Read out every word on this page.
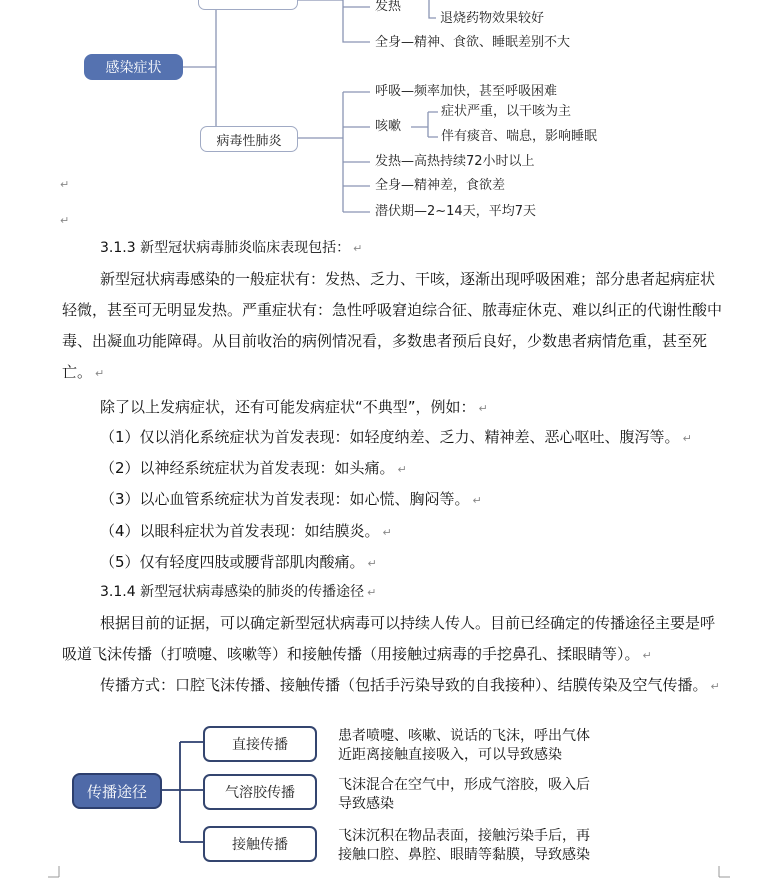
感染症状
发热
退烧药物效果较好
全身—精神、食欲、睡眠差别不大
病毒性肺炎
呼吸—频率加快，甚至呼吸困难
咳嗽
症状严重，以干咳为主
伴有痰音、喘息，影响睡眠
发热—高热持续72小时以上
全身—精神差，食欲差
潜伏期—2~14天，平均7天
↵
↵
3.1.3 新型冠状病毒肺炎临床表现包括： ↵
新型冠状病毒感染的一般症状有：发热、乏力、干咳，逐渐出现呼吸困难；部分患者起病症状轻微，甚至可无明显发热。严重症状有：急性呼吸窘迫综合征、脓毒症休克、难以纠正的代谢性酸中毒、出凝血功能障碍。从目前收治的病例情况看，多数患者预后良好，少数患者病情危重，甚至死亡。 ↵
除了以上发病症状，还有可能发病症状“不典型”，例如： ↵
（1）仅以消化系统症状为首发表现：如轻度纳差、乏力、精神差、恶心呕吐、腹泻等。 ↵
（2）以神经系统症状为首发表现：如头痛。 ↵
（3）以心血管系统症状为首发表现：如心慌、胸闷等。 ↵
（4）以眼科症状为首发表现：如结膜炎。 ↵
（5）仅有轻度四肢或腰背部肌肉酸痛。 ↵
3.1.4 新型冠状病毒感染的肺炎的传播途径 ↵
根据目前的证据，可以确定新型冠状病毒可以持续人传人。目前已经确定的传播途径主要是呼吸道飞沫传播（打喷嚏、咳嗽等）和接触传播（用接触过病毒的手挖鼻孔、揉眼睛等）。 ↵
传播方式：口腔飞沫传播、接触传播（包括手污染导致的自我接种）、结膜传染及空气传播。 ↵
传播途径
直接传播
患者喷嚏、咳嗽、说话的飞沫，呼出气体
近距离接触直接吸入，可以导致感染
气溶胶传播	飞沫混合在空气中，形成气溶胶，吸入后
导致感染
接触传播
飞沫沉积在物品表面，接触污染手后，再
接触口腔、鼻腔、眼睛等黏膜，导致感染
